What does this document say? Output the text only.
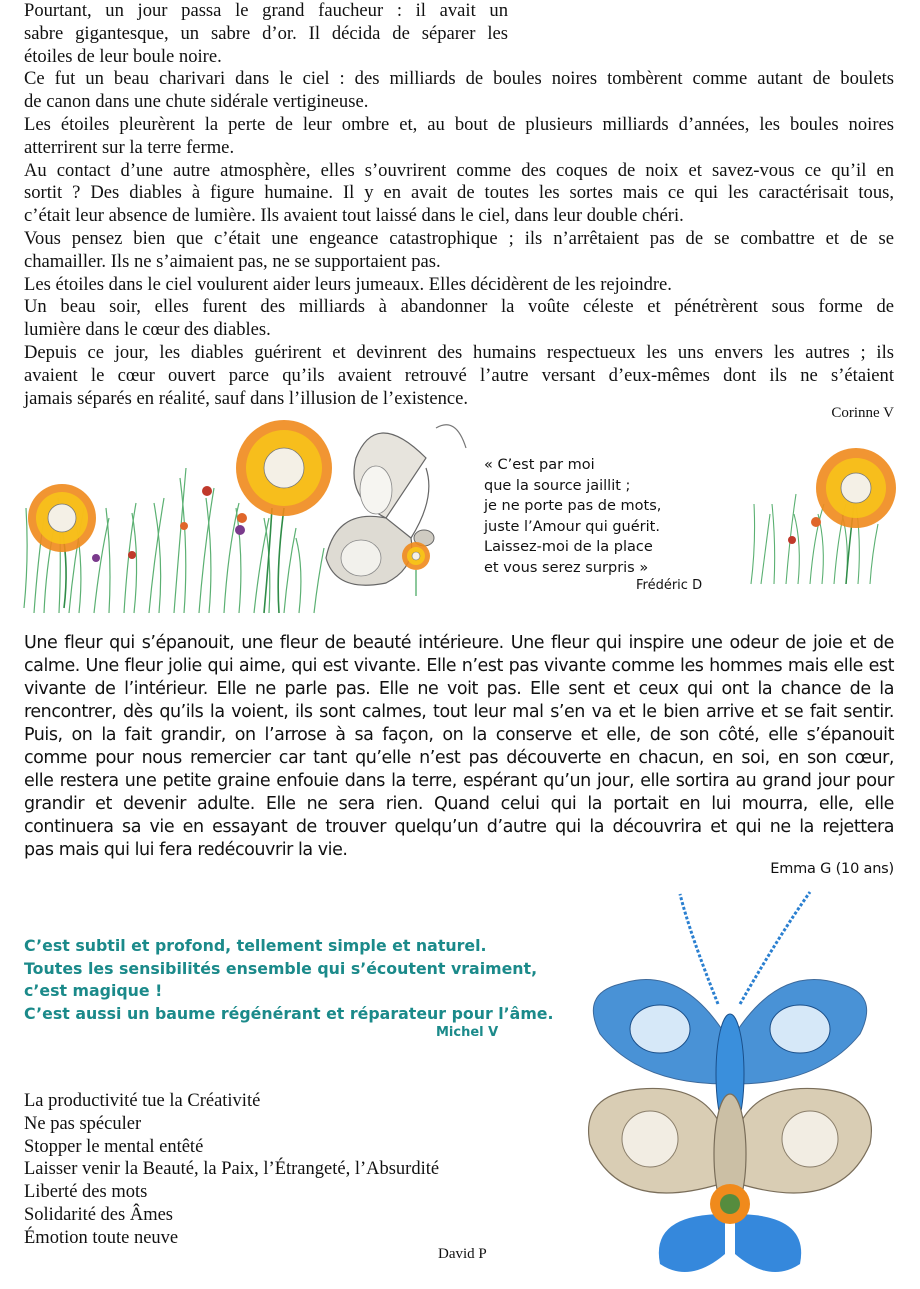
Pourtant, un jour passa le grand faucheur : il avait un
sabre gigantesque, un sabre d’or. Il décida de séparer les
étoiles de leur boule noire.
Ce fut un beau charivari dans le ciel : des milliards de boules noires tombèrent comme autant de boulets
de canon dans une chute sidérale vertigineuse.
Les étoiles pleurèrent la perte de leur ombre et, au bout de plusieurs milliards d’années, les boules noires
atterrirent sur la terre ferme.
Au contact d’une autre atmosphère, elles s’ouvrirent comme des coques de noix et savez-vous ce qu’il en
sortit ? Des diables à figure humaine. Il y en avait de toutes les sortes mais ce qui les caractérisait tous,
c’était leur absence de lumière. Ils avaient tout laissé dans le ciel, dans leur double chéri.
Vous pensez bien que c’était une engeance catastrophique ; ils n’arrêtaient pas de se combattre et de se
chamailler. Ils ne s’aimaient pas, ne se supportaient pas.
Les étoiles dans le ciel voulurent aider leurs jumeaux. Elles décidèrent de les rejoindre.
Un beau soir, elles furent des milliards à abandonner la voûte céleste et pénétrèrent sous forme de
lumière dans le cœur des diables.
Depuis ce jour, les diables guérirent et devinrent des humains respectueux les uns envers les autres ; ils
avaient le cœur ouvert parce qu’ils avaient retrouvé l’autre versant d’eux-mêmes dont ils ne s’étaient
jamais séparés en réalité, sauf dans l’illusion de l’existence.
Corinne V
« C’est par moi
que la source jaillit ;
je ne porte pas de mots,
juste l’Amour qui guérit.
Laissez-moi de la place
et vous serez surpris »
Frédéric D
Une fleur qui s’épanouit, une fleur de beauté intérieure. Une fleur qui inspire une odeur de joie et de
calme. Une fleur jolie qui aime, qui est vivante. Elle n’est pas vivante comme les hommes mais elle est
vivante de l’intérieur. Elle ne parle pas. Elle ne voit pas. Elle sent et ceux qui ont la chance de la
rencontrer, dès qu’ils la voient, ils sont calmes, tout leur mal s’en va et le bien arrive et se fait sentir.
Puis, on la fait grandir, on l’arrose à sa façon, on la conserve et elle, de son côté, elle s’épanouit
comme pour nous remercier car tant qu’elle n’est pas découverte en chacun, en soi, en son cœur,
elle restera une petite graine enfouie dans la terre, espérant qu’un jour, elle sortira au grand jour pour
grandir et devenir adulte. Elle ne sera rien. Quand celui qui la portait en lui mourra, elle, elle
continuera sa vie en essayant de trouver quelqu’un d’autre qui la découvrira et qui ne la rejettera
pas mais qui lui fera redécouvrir la vie.
Emma G (10 ans)
C’est subtil et profond, tellement simple et naturel.
Toutes les sensibilités ensemble qui s’écoutent vraiment,
c’est magique !
C’est aussi un baume régénérant et réparateur pour l’âme.
Michel V
La productivité tue la Créativité
Ne pas spéculer
Stopper le mental entêté
Laisser venir la Beauté, la Paix, l’Étrangeté, l’Absurdité
Liberté des mots
Solidarité des Âmes
Émotion toute neuve
David P
